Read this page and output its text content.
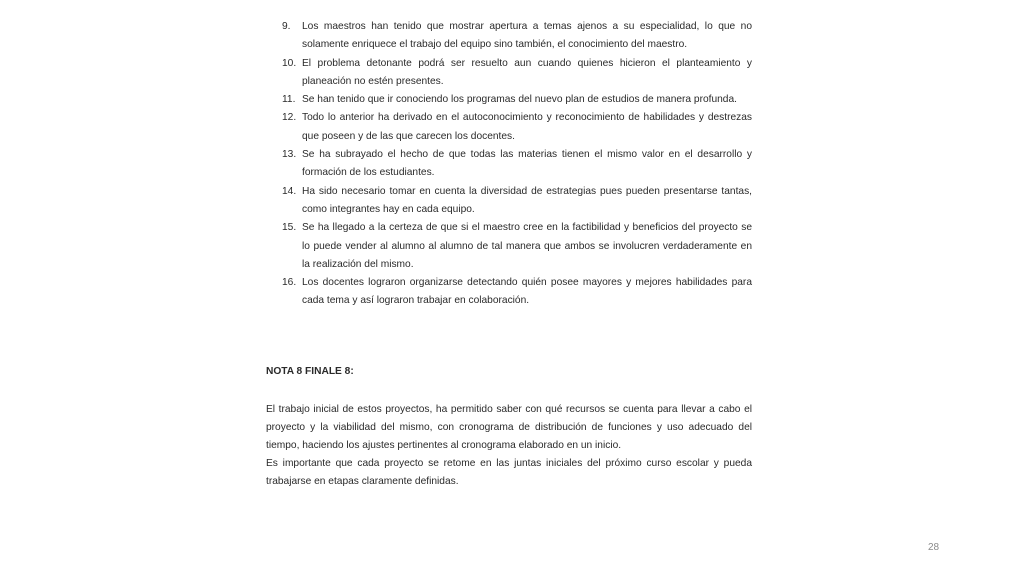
9.	Los maestros han tenido que mostrar apertura a temas ajenos a su especialidad, lo que no solamente enriquece el trabajo del equipo sino también, el conocimiento del maestro.
10. El problema detonante podrá ser resuelto aun cuando quienes hicieron el planteamiento y planeación no estén presentes.
11. Se han tenido que ir conociendo los programas del nuevo plan de estudios de manera profunda.
12. Todo lo anterior ha derivado en el autoconocimiento y reconocimiento de habilidades y destrezas que poseen y de las que carecen los docentes.
13. Se ha subrayado el hecho de que todas las materias tienen el mismo valor en el desarrollo y formación de los estudiantes.
14. Ha sido necesario tomar en cuenta la diversidad de estrategias pues pueden presentarse tantas, como integrantes hay en cada equipo.
15. Se ha llegado a la certeza de que si el maestro cree en la factibilidad y beneficios del proyecto se lo puede vender al alumno al alumno de tal manera que ambos se involucren verdaderamente en la realización del mismo.
16. Los docentes lograron organizarse detectando quién posee mayores y mejores habilidades para cada tema y así lograron trabajar en colaboración.
NOTA 8 FINALE 8:

El trabajo inicial de estos proyectos, ha permitido saber con qué recursos se cuenta para llevar a cabo el proyecto y la viabilidad del mismo, con cronograma de distribución de funciones y uso adecuado del tiempo, haciendo los ajustes pertinentes al cronograma elaborado en un inicio.

Es importante que cada proyecto se retome en las juntas iniciales del próximo curso escolar y pueda trabajarse en etapas claramente definidas.

28
